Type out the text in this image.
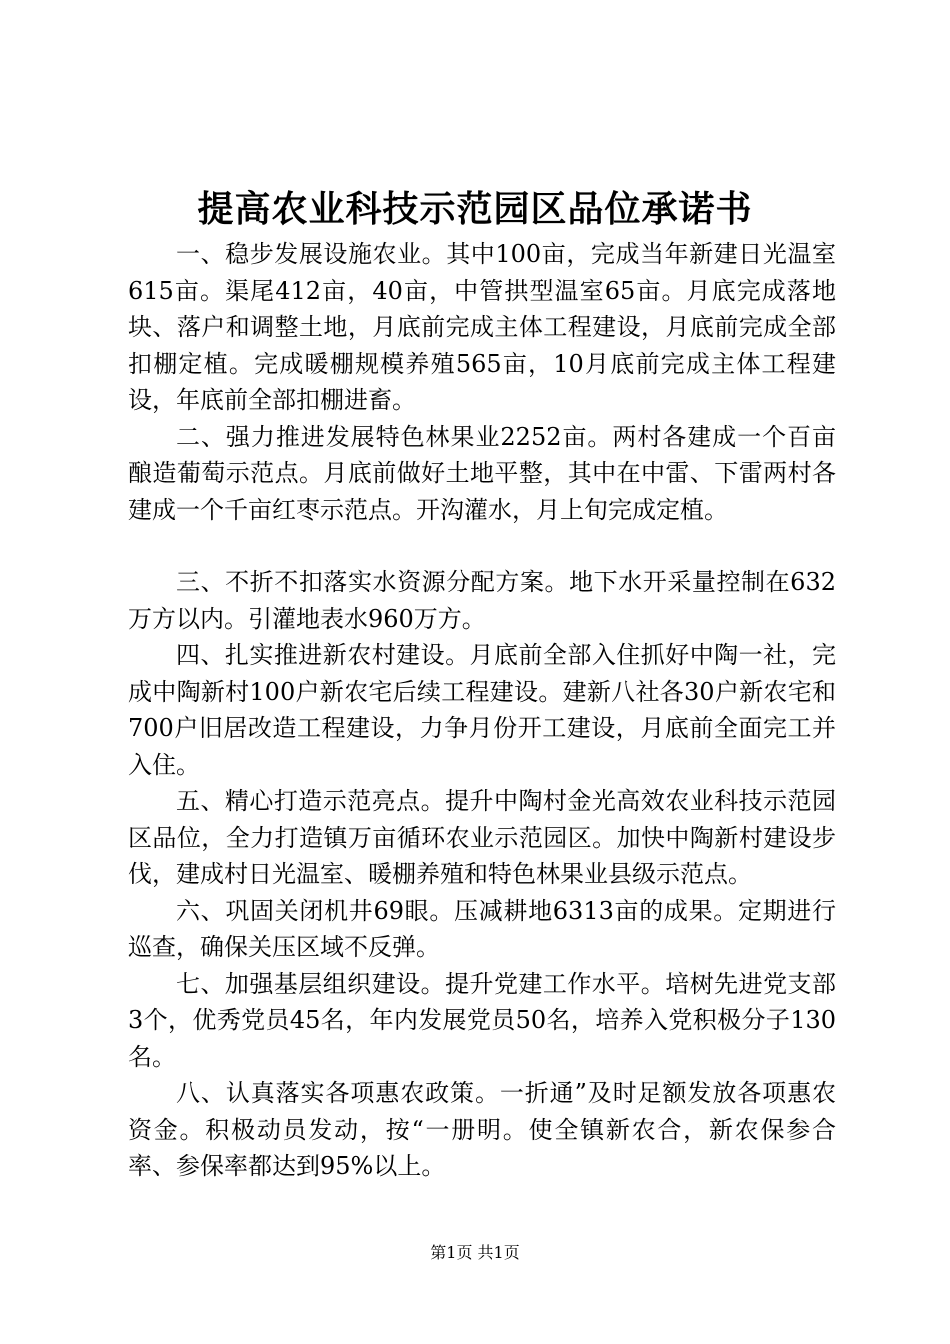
提高农业科技示范园区品位承诺书

一、稳步发展设施农业。其中100亩，完成当年新建日光温室615亩。渠尾412亩，40亩，中管拱型温室65亩。月底完成落地块、落户和调整土地，月底前完成主体工程建设，月底前完成全部扣棚定植。完成暖棚规模养殖565亩，10月底前完成主体工程建设，年底前全部扣棚进畜。

二、强力推进发展特色林果业2252亩。两村各建成一个百亩酿造葡萄示范点。月底前做好土地平整，其中在中雷、下雷两村各建成一个千亩红枣示范点。开沟灌水，月上旬完成定植。

三、不折不扣落实水资源分配方案。地下水开采量控制在632万方以内。引灌地表水960万方。

四、扎实推进新农村建设。月底前全部入住抓好中陶一社，完成中陶新村100户新农宅后续工程建设。建新八社各30户新农宅和700户旧居改造工程建设，力争月份开工建设，月底前全面完工并入住。

五、精心打造示范亮点。提升中陶村金光高效农业科技示范园区品位，全力打造镇万亩循环农业示范园区。加快中陶新村建设步伐，建成村日光温室、暖棚养殖和特色林果业县级示范点。

六、巩固关闭机井69眼。压减耕地6313亩的成果。定期进行巡查，确保关压区域不反弹。

七、加强基层组织建设。提升党建工作水平。培树先进党支部3个，优秀党员45名，年内发展党员50名，培养入党积极分子130名。

八、认真落实各项惠农政策。一折通”及时足额发放各项惠农资金。积极动员发动，按“一册明。使全镇新农合，新农保参合率、参保率都达到95%以上。

第1页 共1页
